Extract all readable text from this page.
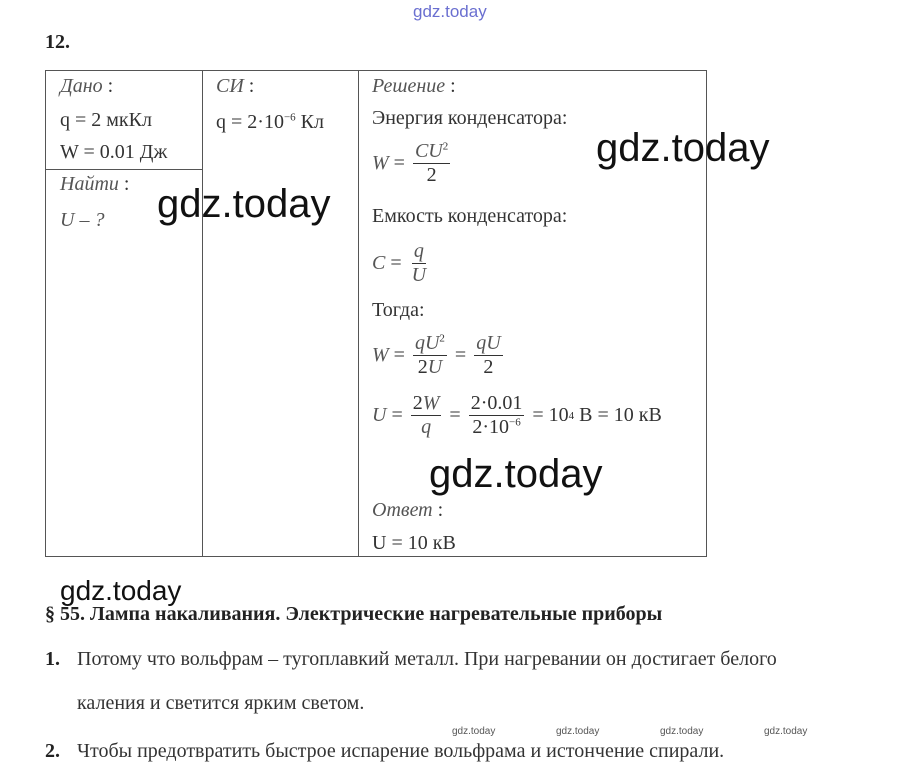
gdz.today
12.
Дано :
q = 2 мкКл
W = 0.01 Дж
Найти :
U – ?
СИ :
$q = 2\cdot 10^{-6}$ Кл
Решение :
Энергия конденсатора:
$W = \frac{CU^2}{2}$
Емкость конденсатора:
$C = \frac{q}{U}$
Тогда:
$W = \frac{qU^2}{2U} = \frac{qU}{2}$
$U = \frac{2W}{q} = \frac{2\cdot 0.01}{2\cdot 10^{-6}} = 10$ 4 В = 10 кВ
Ответ :
U = 10 кВ
gdz.today
gdz.today
gdz.today
gdz.today
§ 55. Лампа накаливания. Электрические нагревательные приборы
1. Потому что вольфрам – тугоплавкий металл. При нагревании он достигает белого
каления и светится ярким светом.
gdz.today	gdz.today	gdz.today	gdz.today
2. Чтобы предотвратить быстрое испарение вольфрама и истончение спирали.
